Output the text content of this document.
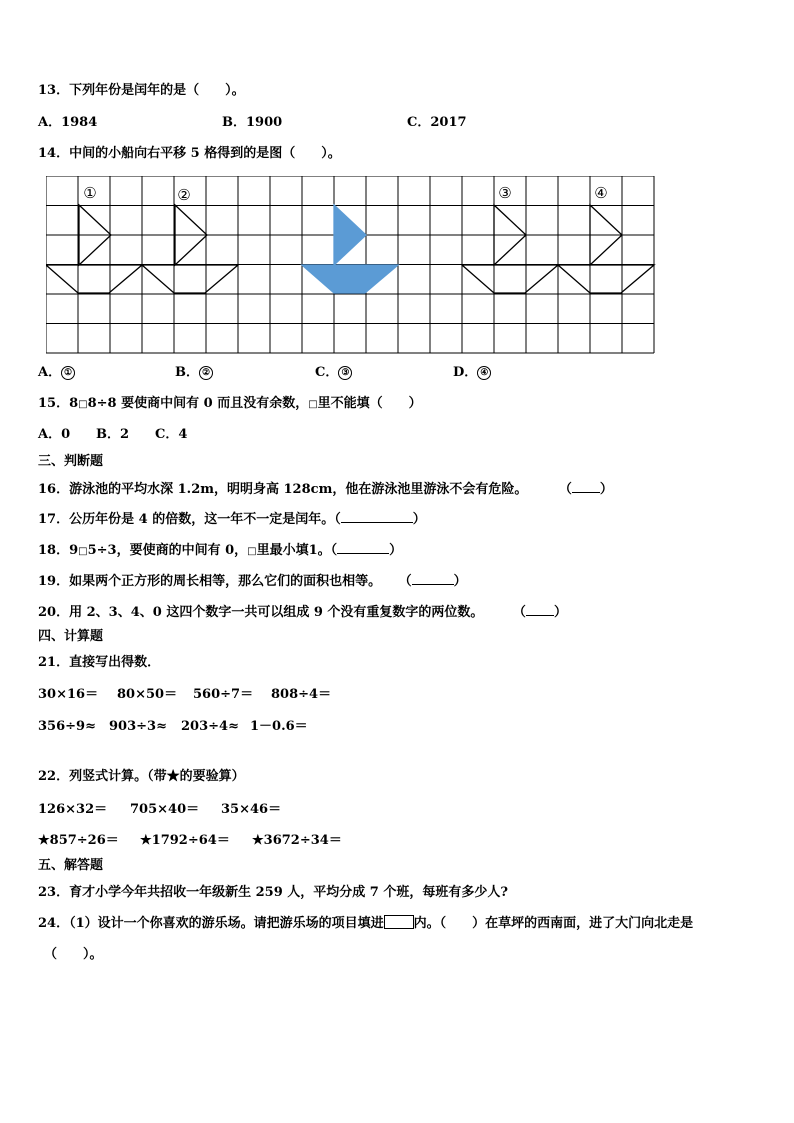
13．下列年份是闰年的是（　　）。
A．1984	B．1900	C．2017
14．中间的小船向右平移 5 格得到的是图（　　）。
①	②	③	④
A． ①	B． ②	C． ③	D． ④
15．8□8÷8 要使商中间有 0 而且没有余数，□里不能填（　　）
A．0 B．2 C．4
三、判断题
16．游泳池的平均水深 1.2m，明明身高 128cm，他在游泳池里游泳不会有危险。	（ ）
17．公历年份是 4 的倍数，这一年不一定是闰年。（	）
18．9□5÷3，要使商的中间有 0，□里最小填1。（	）
19．如果两个正方形的周长相等，那么它们的面积也相等。 （	）
20．用 2、3、4、0 这四个数字一共可以组成 9 个没有重复数字的两位数。	（ ）
四、计算题
21．直接写出得数．
30×16＝ 80×50＝ 560÷7＝ 808÷4＝
356÷9≈ 903÷3≈ 203÷4≈ 1－0.6＝
22．列竖式计算。（带★的要验算）
126×32＝ 705×40＝ 35×46＝
★857÷26＝ ★1792÷64＝ ★3672÷34＝
五、解答题
23．育才小学今年共招收一年级新生 259 人，平均分成 7 个班，每班有多少人?
24．（1）设计一个你喜欢的游乐场。请把游乐场的项目填进 内。（　　）在草坪的西南面，进了大门向北走是
（　　）。
